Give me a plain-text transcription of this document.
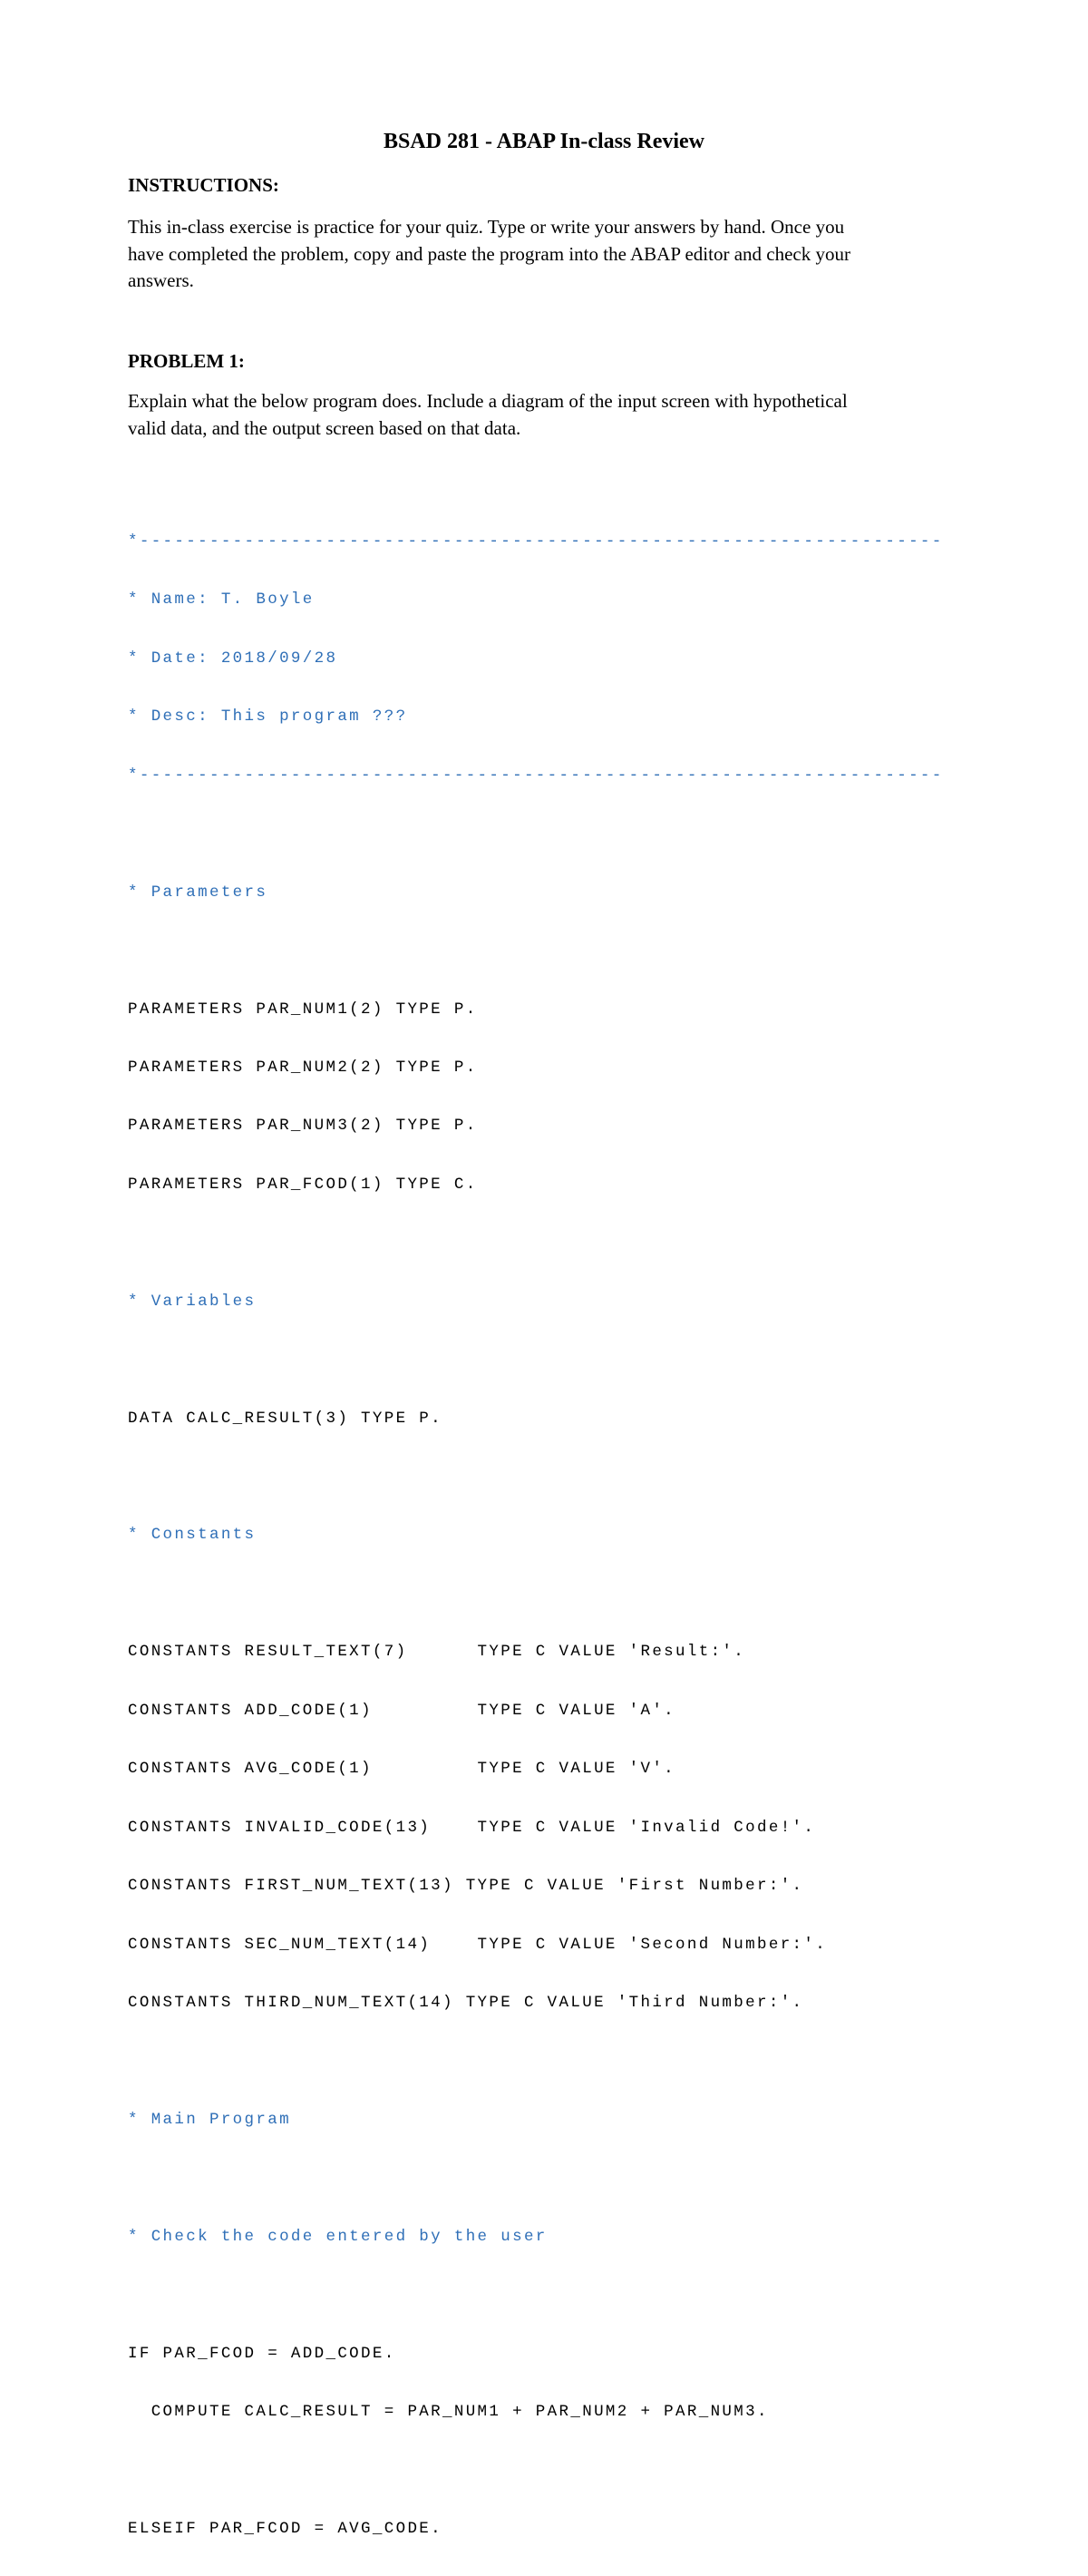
BSAD 281 - ABAP In-class Review
INSTRUCTIONS:
This in-class exercise is practice for your quiz. Type or write your answers by hand. Once you
have completed the problem, copy and paste the program into the ABAP editor and check your
answers.
PROBLEM 1:
Explain what the below program does. Include a diagram of the input screen with hypothetical
valid data, and the output screen based on that data.

*---------------------------------------------------------------------

* Name: T. Boyle

* Date: 2018/09/28

* Desc: This program ???

*---------------------------------------------------------------------

* Parameters

PARAMETERS PAR_NUM1(2) TYPE P.

PARAMETERS PAR_NUM2(2) TYPE P.

PARAMETERS PAR_NUM3(2) TYPE P.

PARAMETERS PAR_FCOD(1) TYPE C.

* Variables

DATA CALC_RESULT(3) TYPE P.

* Constants

CONSTANTS RESULT_TEXT(7)      TYPE C VALUE 'Result:'.

CONSTANTS ADD_CODE(1)         TYPE C VALUE 'A'.

CONSTANTS AVG_CODE(1)         TYPE C VALUE 'V'.

CONSTANTS INVALID_CODE(13)    TYPE C VALUE 'Invalid Code!'.

CONSTANTS FIRST_NUM_TEXT(13) TYPE C VALUE 'First Number:'.

CONSTANTS SEC_NUM_TEXT(14)    TYPE C VALUE 'Second Number:'.

CONSTANTS THIRD_NUM_TEXT(14) TYPE C VALUE 'Third Number:'.

* Main Program

* Check the code entered by the user

IF PAR_FCOD = ADD_CODE.

COMPUTE CALC_RESULT = PAR_NUM1 + PAR_NUM2 + PAR_NUM3.

ELSEIF PAR_FCOD = AVG_CODE.
